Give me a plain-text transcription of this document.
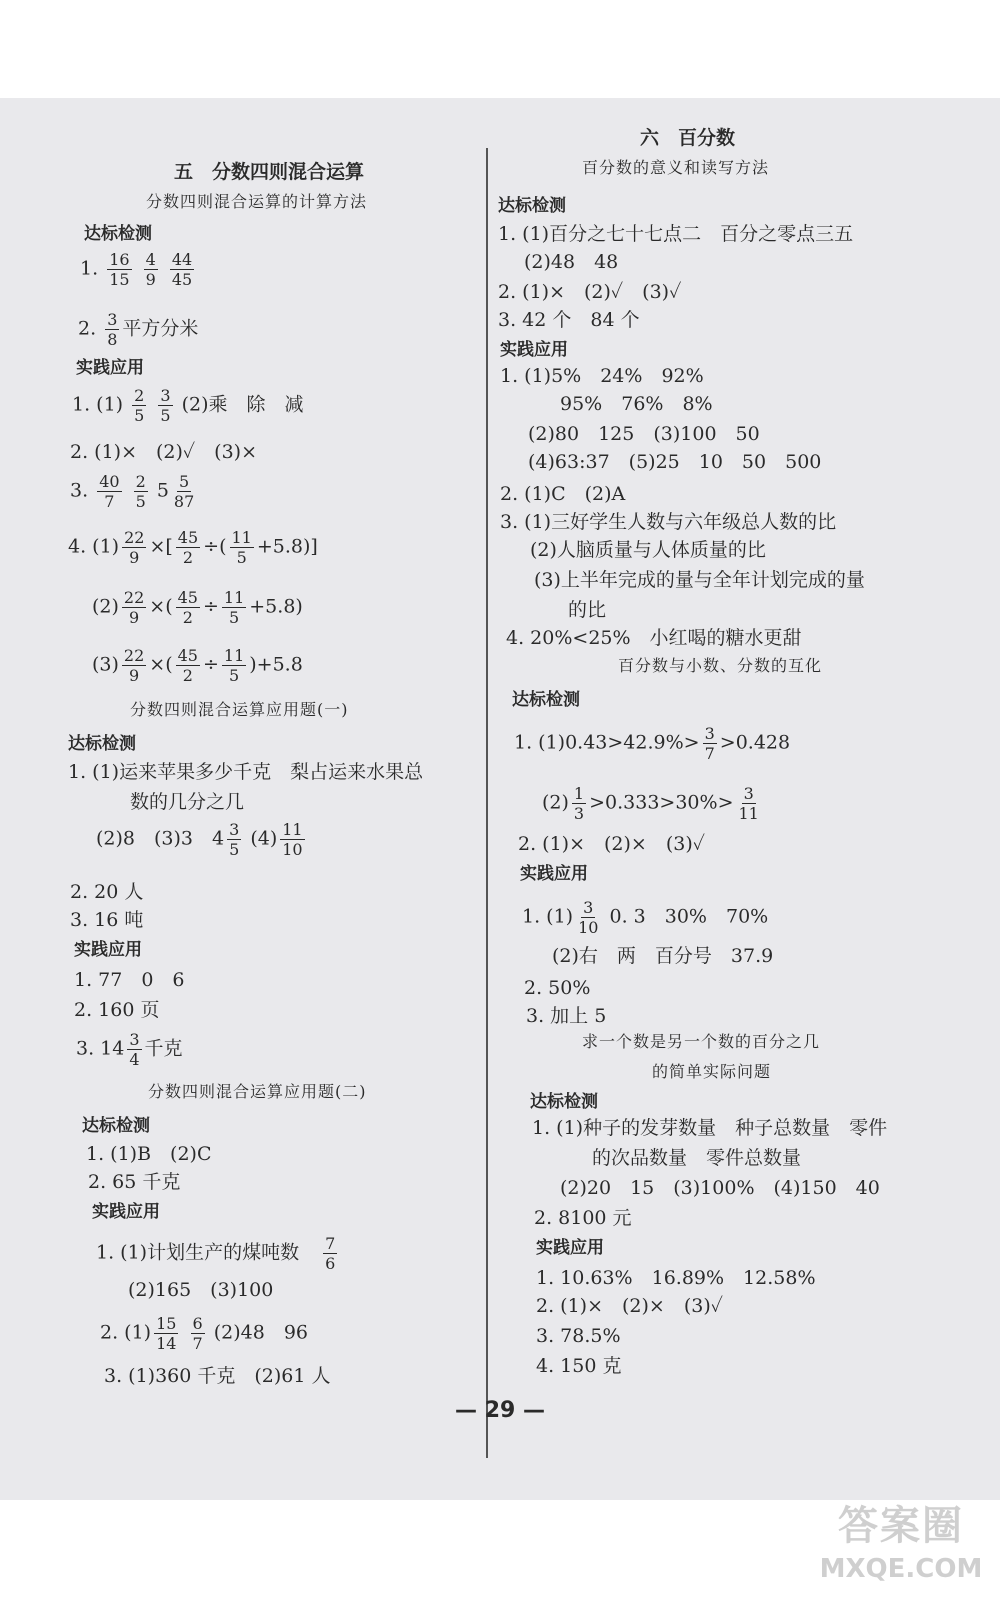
五　分数四则混合运算
分数四则混合运算的计算方法
达标检测
1. $\frac{16}{15}$
$\frac{4}{9}$
$\frac{44}{45}$
2. $\frac{3}{8}$ 平方分米
实践应用
1. $(1) \frac{2}{5}$
$\frac{3}{5} (2)$乘　除　减
2. (1)×　(2)✓　(3)×
3. $\frac{40}{7}$
$\frac{2}{5} 5 \frac{5}{87}$
4. $(1) \frac{22}{9}$ ×[ $\frac{45}{2}$ ÷( $\frac{11}{5} +5.8$)]
$(2) \frac{22}{9}$ ×( $\frac{45}{2} \div \frac{11}{5} +5.8$)
$(3) \frac{22}{9}$ ×( $\frac{45}{2} \div \frac{11}{5} )+5.8$
分数四则混合运算应用题(一)
达标检测
1. (1)运来苹果多少千克　梨占运来水果总
数的几分之几
(2)8　(3)3　$4 \frac{3}{5} (4) \frac{11}{10}$
2. 20 人
3. 16 吨
实践应用
1. 77　0　6
2. 160 页
3. $14 \frac{3}{4}$ 千克
分数四则混合运算应用题(二)
达标检测
1. (1)B　(2)C
2. 65 千克
实践应用
1. (1)计划生产的煤吨数 $\frac{7}{6}$
(2)165　(3)100
2. $(1) \frac{15}{14}$
$\frac{6}{7} (2)48$　96
3. (1)360 千克　(2)61 人
六　百分数
百分数的意义和读写方法
达标检测
1. (1)百分之七十七点二　百分之零点三五
(2)48　48
2. (1)×　(2)✓　(3)✓
3. 42 个　84 个
实践应用
1. (1)5%　24%　92%
95%　76%　8%
(2)80　125　(3)100　50
(4)63:37　(5)25　10　50　500
2. (1)C　(2)A
3. (1)三好学生人数与六年级总人数的比
(2)人脑质量与人体质量的比
(3)上半年完成的量与全年计划完成的量
的比
4. 20%<25%　小红喝的糖水更甜
百分数与小数、分数的互化
达标检测
1. $(1)0.43>42.9\%> \frac{3}{7} >0.428$
$(2) \frac{1}{3} >0.333>30\%> \frac{3}{11}$
2. (1)×　(2)×　(3)✓
实践应用
1. $(1) \frac{3}{10} 0$. 3　30%　70%
(2)右　两　百分号　37.9
2. 50%
3. 加上 5
求一个数是另一个数的百分之几
的简单实际问题
达标检测
1. (1)种子的发芽数量　种子总数量　零件
的次品数量　零件总数量
(2)20　15　(3)100%　(4)150　40
2. 8100 元
实践应用
1. 10.63%　16.89%　12.58%
2. (1)×　(2)×　(3)✓
3. 78.5%
4. 150 克
— 29 —
答案圈
MXQE.COM
